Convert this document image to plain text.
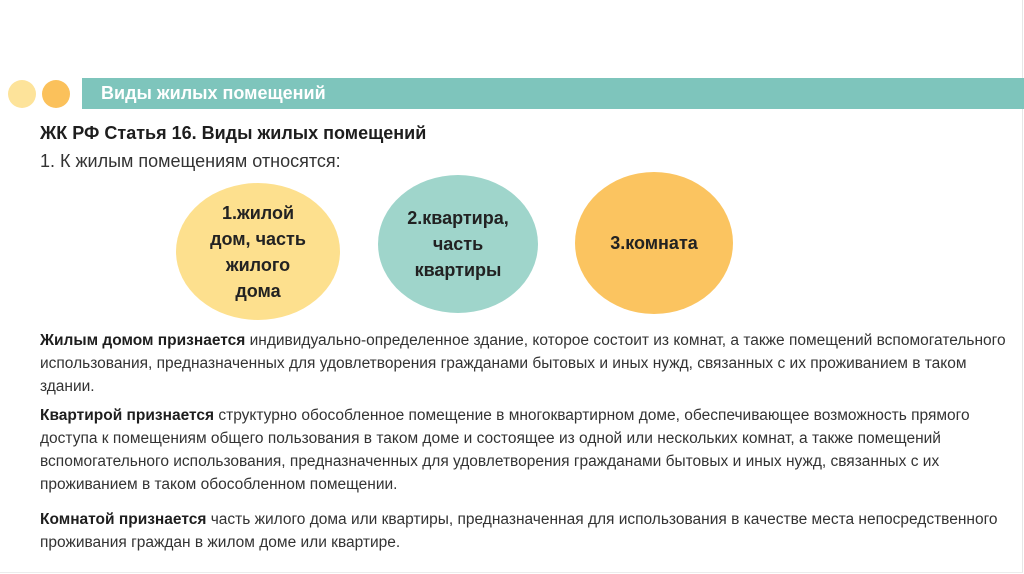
Виды жилых помещений
ЖК РФ Статья 16. Виды жилых помещений
1. К жилым помещениям относятся:
1.жилой дом, часть жилого дома
2.квартира, часть квартиры
3.комната
Жилым домом признается индивидуально-определенное здание, которое состоит из комнат, а также помещений вспомогательного использования, предназначенных для удовлетворения гражданами бытовых и иных нужд, связанных с их проживанием в таком здании.
Квартирой признается структурно обособленное помещение в многоквартирном доме, обеспечивающее возможность прямого доступа к помещениям общего пользования в таком доме и состоящее из одной или нескольких комнат, а также помещений вспомогательного использования, предназначенных для удовлетворения гражданами бытовых и иных нужд, связанных с их проживанием в таком обособленном помещении.
Комнатой признается часть жилого дома или квартиры, предназначенная для использования в качестве места непосредственного проживания граждан в жилом доме или квартире.
